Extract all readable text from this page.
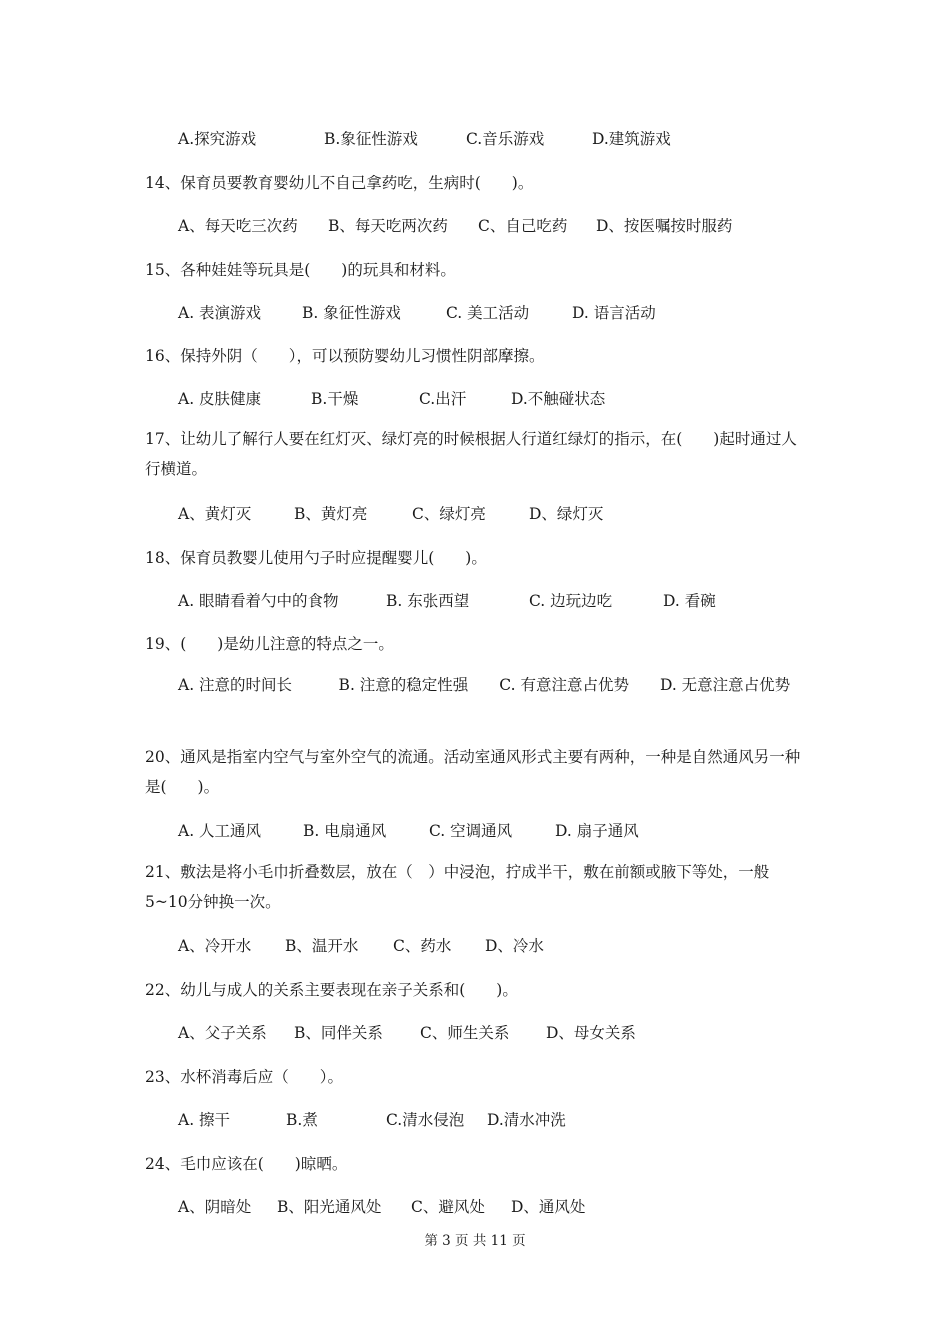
A.探究游戏	B.象征性游戏	C.音乐游戏	D.建筑游戏
14、保育员要教育婴幼儿不自己拿药吃，生病时(　　)。
A、每天吃三次药 B、每天吃两次药 C、自己吃药 D、按医嘱按时服药
15、各种娃娃等玩具是(　　)的玩具和材料。
A. 表演游戏	B. 象征性游戏	C. 美工活动	D. 语言活动
16、保持外阴（　　），可以预防婴幼儿习惯性阴部摩擦。
A. 皮肤健康	B.干燥	C.出汗	D.不触碰状态
17、让幼儿了解行人要在红灯灭、绿灯亮的时候根据人行道红绿灯的指示，在(　　)起时通过人行横道。
A、黄灯灭	B、黄灯亮	C、绿灯亮	D、绿灯灭
18、保育员教婴儿使用勺子时应提醒婴儿(　　)。
A. 眼睛看着勺中的食物	B. 东张西望	C. 边玩边吃	D. 看碗
19、(　　)是幼儿注意的特点之一。
A. 注意的时间长　　　B. 注意的稳定性强　　C. 有意注意占优势　　D. 无意注意占优势
20、通风是指室内空气与室外空气的流通。活动室通风形式主要有两种，一种是自然通风另一种是(　　)。
A. 人工通风	B. 电扇通风	C. 空调通风	D. 扇子通风
21、敷法是将小毛巾折叠数层，放在（　）中浸泡，拧成半干，敷在前额或腋下等处，一般5~10分钟换一次。
A、冷开水 B、温开水 C、药水 D、冷水
22、幼儿与成人的关系主要表现在亲子关系和(　　)。
A、父子关系 B、同伴关系 C、师生关系 D、母女关系
23、水杯消毒后应（　　）。
A. 擦干	B.煮	C.清水侵泡 D.清水冲洗
24、毛巾应该在(　　)晾晒。
A、阴暗处 B、阳光通风处 C、避风处 D、通风处
第 3 页 共 11 页
